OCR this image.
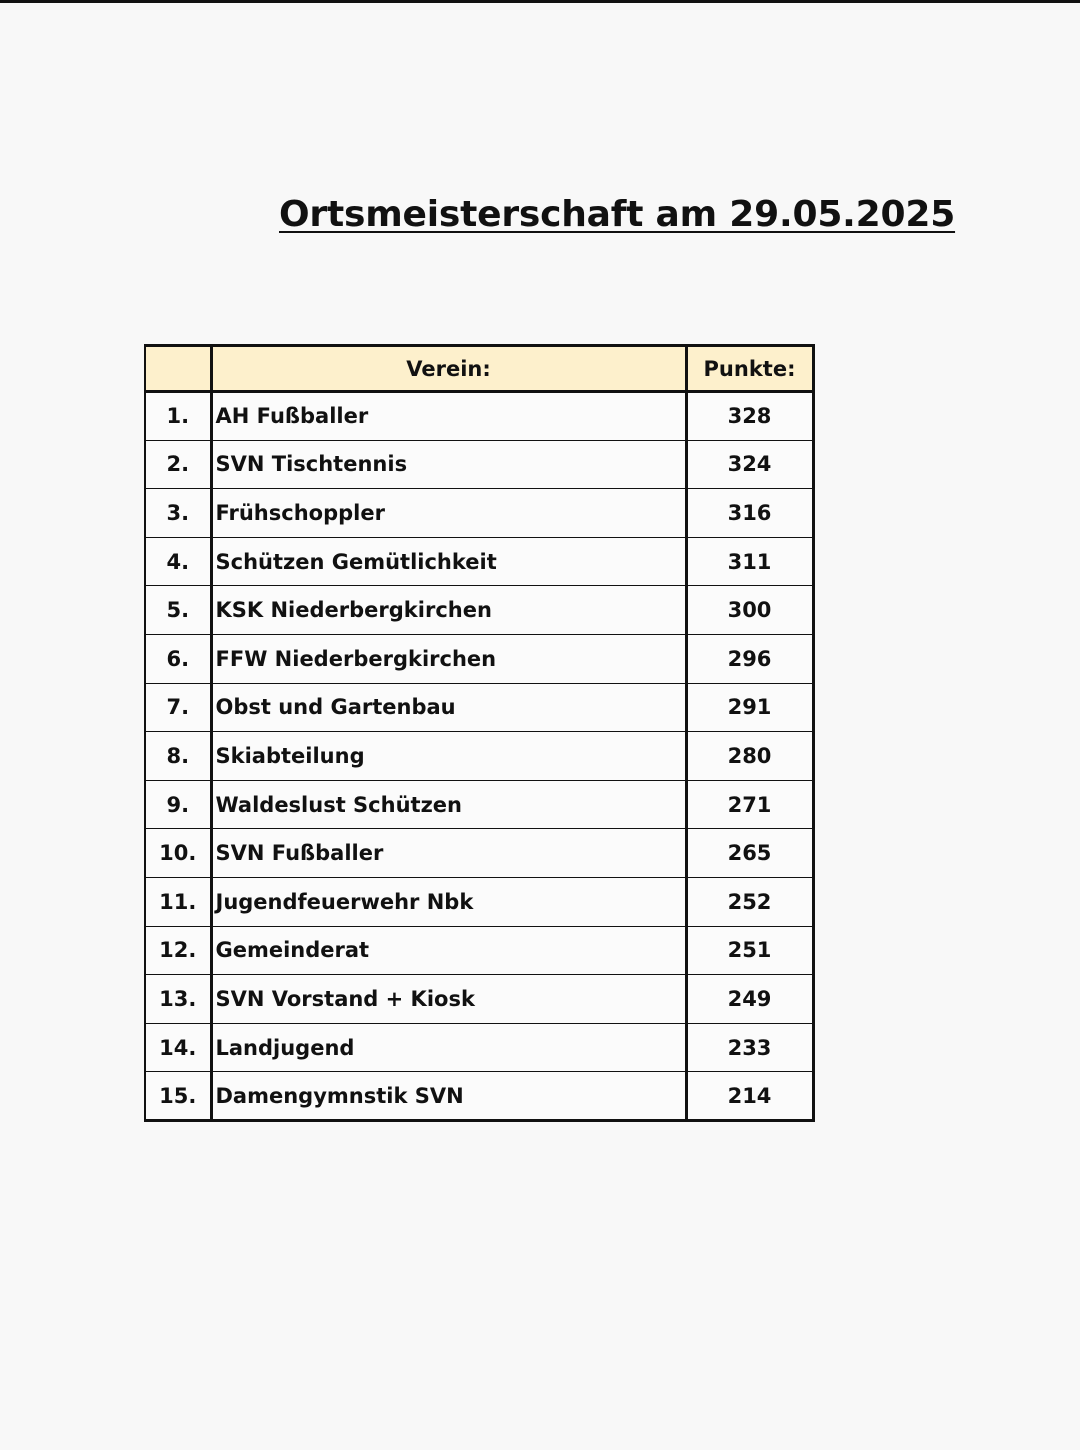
Ortsmeisterschaft am 29.05.2025
	Verein:	Punkte:
1.	AH Fußballer	328
2.	SVN Tischtennis	324
3.	Frühschoppler	316
4.	Schützen Gemütlichkeit	311
5.	KSK Niederbergkirchen	300
6.	FFW Niederbergkirchen	296
7.	Obst und Gartenbau	291
8.	Skiabteilung	280
9.	Waldeslust Schützen	271
10.	SVN Fußballer	265
11.	Jugendfeuerwehr Nbk	252
12.	Gemeinderat	251
13.	SVN Vorstand + Kiosk	249
14.	Landjugend	233
15.	Damengymnstik SVN	214
